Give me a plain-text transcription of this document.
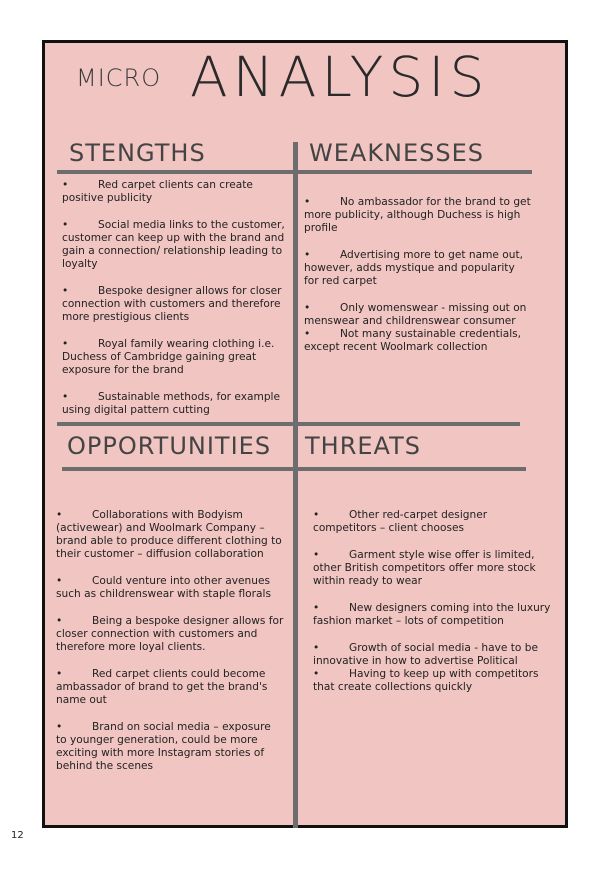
MICRO ANALYSIS
STENGTHS	WEAKNESSES
OPPORTUNITIES THREATS
•	Red carpet clients can create positive publicity
•	Social media links to the customer, customer can keep up with the brand and gain a connection/ relationship leading to loyalty
•	Bespoke designer allows for closer connection with customers and therefore more prestigious clients
•	Royal family wearing clothing i.e. Duchess of Cambridge gaining great exposure for the brand
•	Sustainable methods, for example using digital pattern cutting
•	No ambassador for the brand to get more publicity, although Duchess is high profile
•	Advertising more to get name out, however, adds mystique and popularity for red carpet
•	Only womenswear - missing out on menswear and childrenswear consumer
•	Not many sustainable credentials, except recent Woolmark collection
•	Collaborations with Bodyism (activewear) and Woolmark Company – brand able to produce different clothing to their customer – diffusion collaboration
•	Could venture into other avenues such as childrenswear with staple florals
•	Being a bespoke designer allows for closer connection with customers and therefore more loyal clients.
•	Red carpet clients could become ambassador of brand to get the brand's name out
•	Brand on social media – exposure to younger generation, could be more exciting with more Instagram stories of behind the scenes
•	Other red-carpet designer competitors – client chooses
•	Garment style wise offer is limited, other British competitors offer more stock within ready to wear
•	New designers coming into the luxury fashion market – lots of competition
•	Growth of social media - have to be innovative in how to advertise Political
•	Having to keep up with competitors that create collections quickly
12
